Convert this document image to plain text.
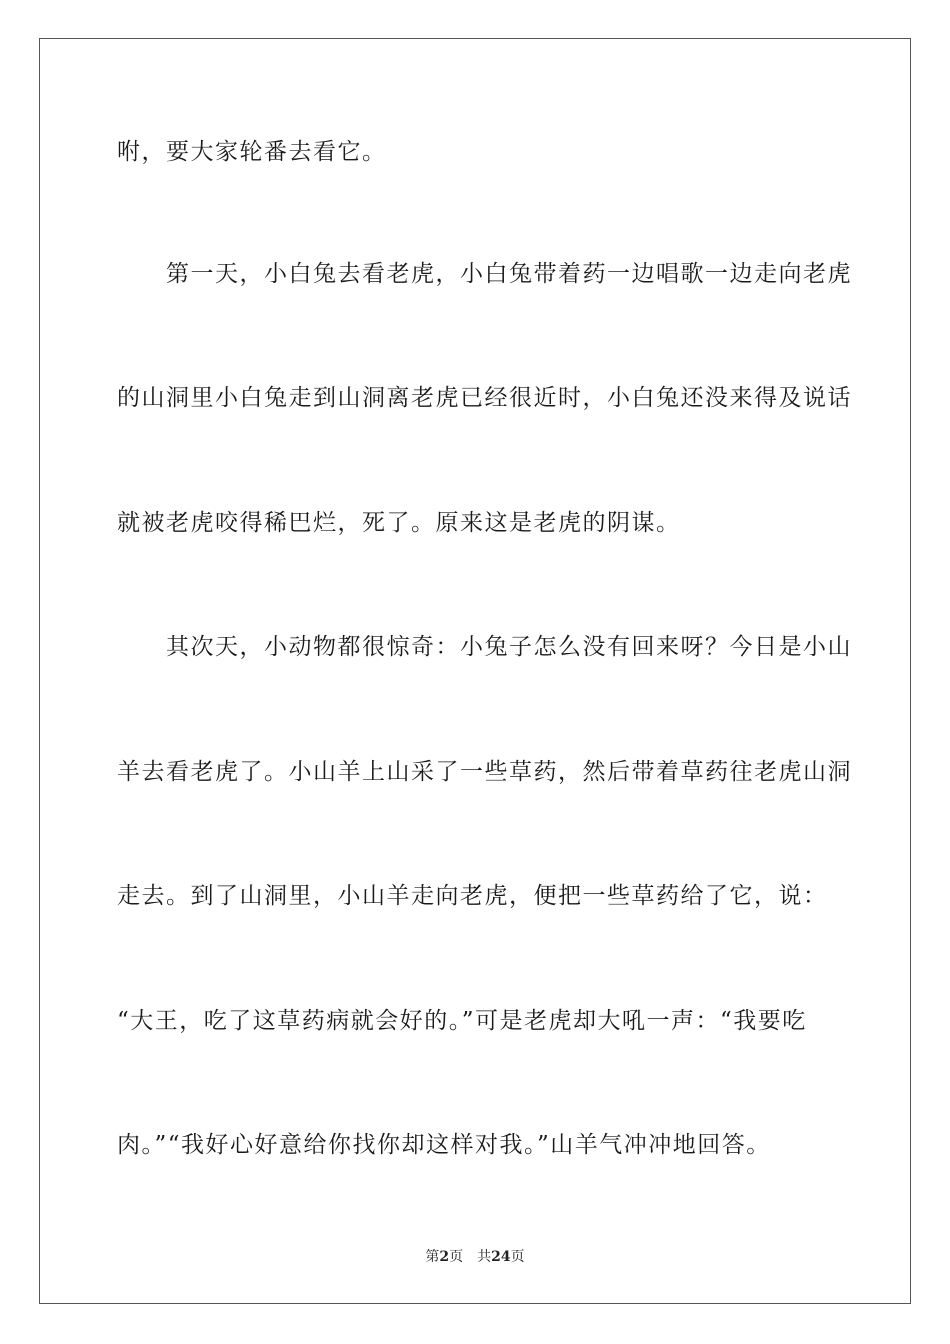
咐，要大家轮番去看它。
　　第一天，小白兔去看老虎，小白兔带着药一边唱歌一边走向老虎
的山洞里小白兔走到山洞离老虎已经很近时，小白兔还没来得及说话
就被老虎咬得稀巴烂，死了。原来这是老虎的阴谋。
　　其次天，小动物都很惊奇：小兔子怎么没有回来呀？今日是小山
羊去看老虎了。小山羊上山采了一些草药，然后带着草药往老虎山洞
走去。到了山洞里，小山羊走向老虎，便把一些草药给了它，说：
“大王，吃了这草药病就会好的。”可是老虎却大吼一声：“我要吃
肉。”“我好心好意给你找你却这样对我。”山羊气冲冲地回答。
第2页 共24页
